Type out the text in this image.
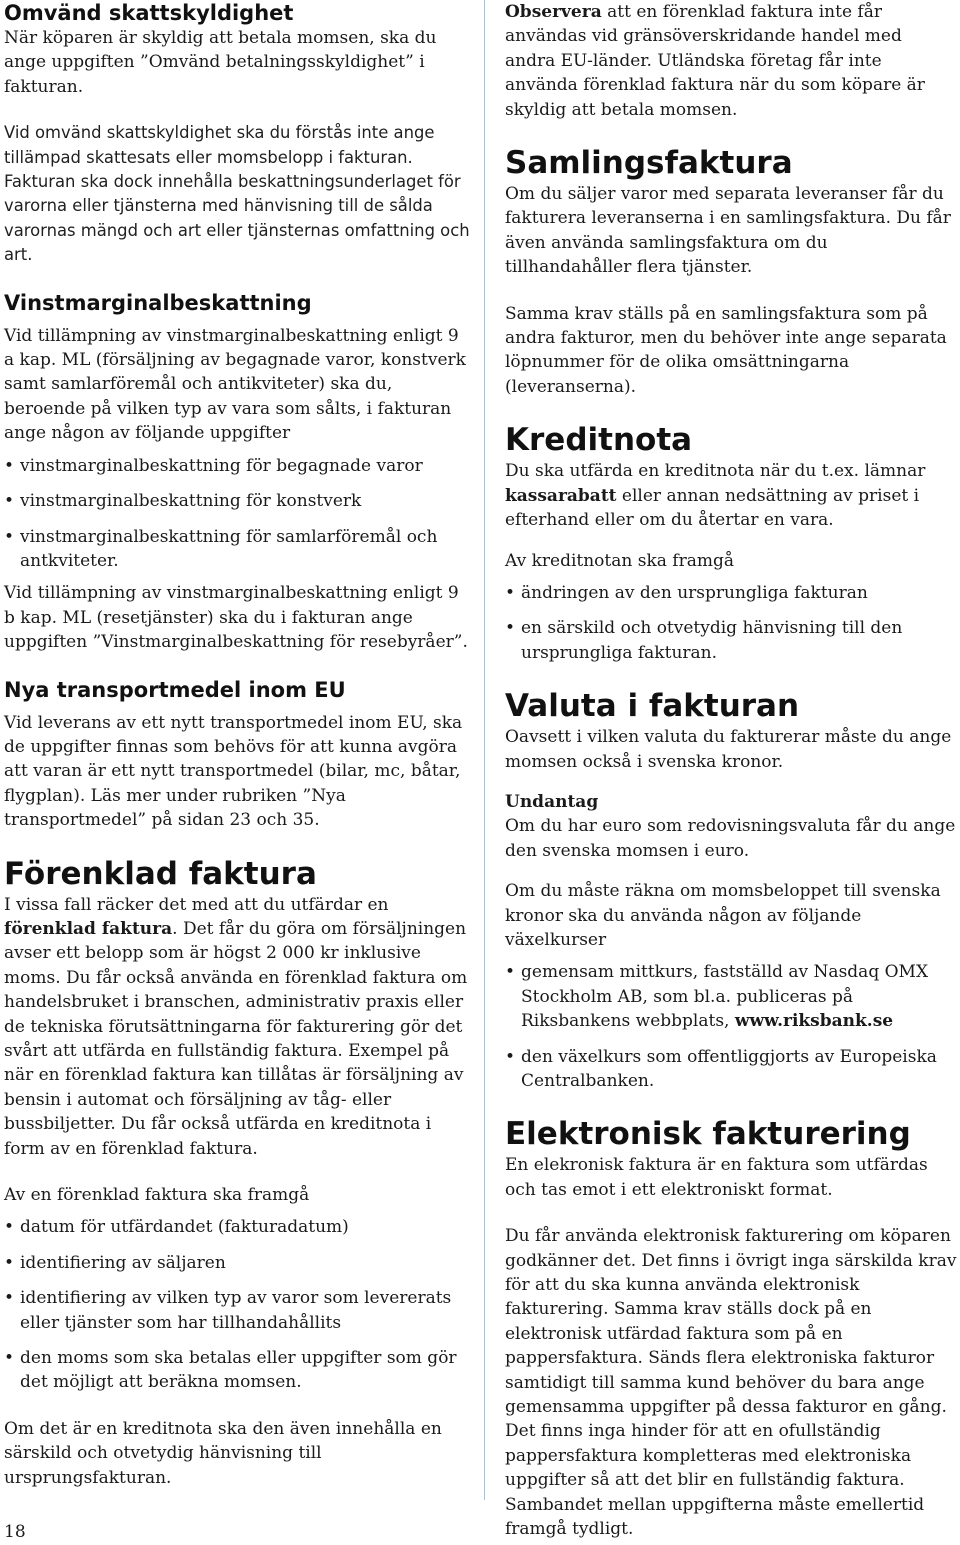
Omvänd skattskyldighet

När köparen är skyldig att betala momsen, ska du ange uppgiften ”Omvänd betalningsskyldighet” i fakturan.

Vid omvänd skattskyldighet ska du förstås inte ange tillämpad skattesats eller momsbelopp i fakturan. Fakturan ska dock innehålla beskattningsunderlaget för varorna eller tjänsterna med hänvisning till de sålda varornas mängd och art eller tjänsternas omfattning och art.

Vinstmarginalbeskattning

Vid tillämpning av vinstmarginalbeskattning enligt 9 a kap. ML (försäljning av begagnade varor, konstverk samt samlarföremål och antikviteter) ska du, beroende på vilken typ av vara som sålts, i fakturan ange någon av följande uppgifter

• vinstmarginalbeskattning för begagnade varor
• vinstmarginalbeskattning för konstverk
• vinstmarginalbeskattning för samlarföremål och antkviteter.

Vid tillämpning av vinstmarginalbeskattning enligt 9 b kap. ML (resetjänster) ska du i fakturan ange uppgiften ”Vinstmarginalbeskattning för resebyråer”.

Nya transportmedel inom EU

Vid leverans av ett nytt transportmedel inom EU, ska de uppgifter finnas som behövs för att kunna avgöra att varan är ett nytt transportmedel (bilar, mc, båtar, flygplan). Läs mer under rubriken ”Nya transportmedel” på sidan 23 och 35.

Förenklad faktura

I vissa fall räcker det med att du utfärdar en förenklad faktura. Det får du göra om försäljningen avser ett belopp som är högst 2 000 kr inklusive moms. Du får också använda en förenklad faktura om handelsbruket i branschen, administrativ praxis eller de tekniska förutsättningarna för fakturering gör det svårt att utfärda en fullständig faktura. Exempel på när en förenklad faktura kan tillåtas är försäljning av bensin i automat och försäljning av tåg- eller bussbiljetter. Du får också utfärda en kreditnota i form av en förenklad faktura.

Av en förenklad faktura ska framgå

• datum för utfärdandet (fakturadatum)
• identifiering av säljaren
• identifiering av vilken typ av varor som levererats eller tjänster som har tillhandahållits
• den moms som ska betalas eller uppgifter som gör det möjligt att beräkna momsen.

Om det är en kreditnota ska den även innehålla en särskild och otvetydig hänvisning till ursprungsfakturan.

Observera att en förenklad faktura inte får användas vid gränsöverskridande handel med andra EU-länder. Utländska företag får inte använda förenklad faktura när du som köpare är skyldig att betala momsen.

Samlingsfaktura

Om du säljer varor med separata leveranser får du fakturera leveranserna i en samlingsfaktura. Du får även använda samlingsfaktura om du tillhandahåller flera tjänster.

Samma krav ställs på en samlingsfaktura som på andra fakturor, men du behöver inte ange separata löpnummer för de olika omsättningarna (leveranserna).

Kreditnota

Du ska utfärda en kreditnota när du t.ex. lämnar kassarabatt eller annan nedsättning av priset i efterhand eller om du återtar en vara.

Av kreditnotan ska framgå

• ändringen av den ursprungliga fakturan
• en särskild och otvetydig hänvisning till den ursprungliga fakturan.
Valuta i fakturan

Oavsett i vilken valuta du fakturerar måste du ange momsen också i svenska kronor.

Undantag

Om du har euro som redovisningsvaluta får du ange den svenska momsen i euro.

Om du måste räkna om momsbeloppet till svenska kronor ska du använda någon av följande växelkurser

• gemensam mittkurs, fastställd av Nasdaq OMX Stockholm AB, som bl.a. publiceras på Riksbankens webbplats, www.riksbank.se
• den växelkurs som offentliggjorts av Europeiska Centralbanken.
Elektronisk fakturering

En elekronisk faktura är en faktura som utfärdas och tas emot i ett elektroniskt format.

Du får använda elektronisk fakturering om köparen godkänner det. Det finns i övrigt inga särskilda krav för att du ska kunna använda elektronisk fakturering. Samma krav ställs dock på en elektronisk utfärdad faktura som på en pappersfaktura. Sänds flera elektroniska fakturor samtidigt till samma kund behöver du bara ange gemensamma uppgifter på dessa fakturor en gång. Det finns inga hinder för att en ofullständig pappersfaktura kompletteras med elektroniska uppgifter så att det blir en fullständig faktura. Sambandet mellan uppgifterna måste emellertid framgå tydligt.

18
